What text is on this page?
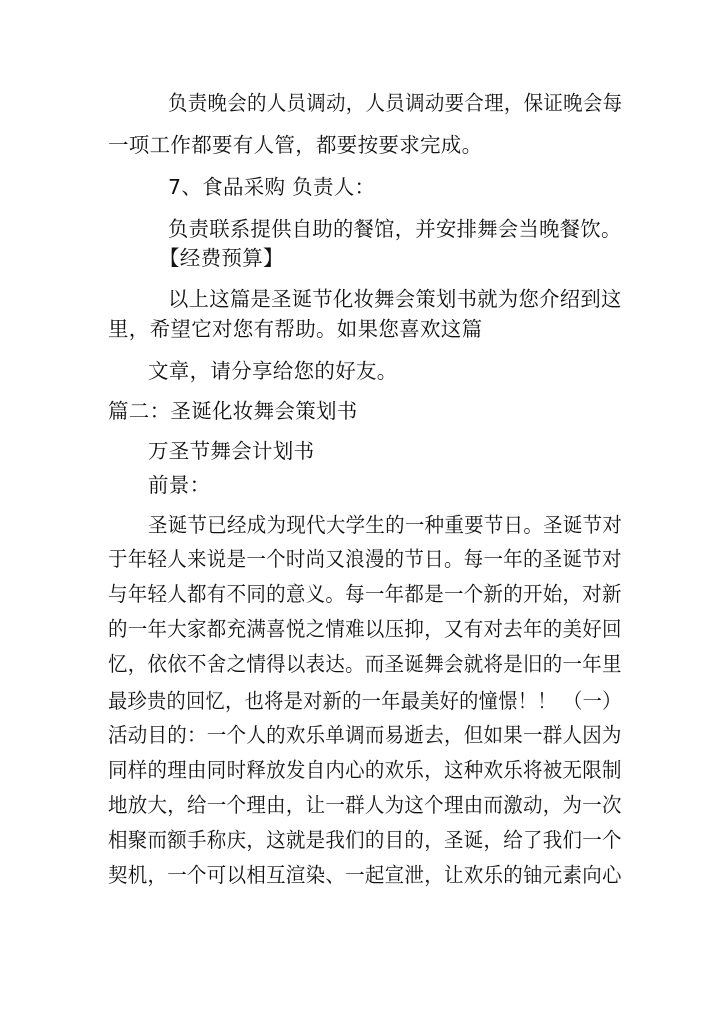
负责晚会的人员调动，人员调动要合理，保证晚会每
一项工作都要有人管，都要按要求完成。
7、食品采购 负责人：
负责联系提供自助的餐馆，并安排舞会当晚餐饮。
【经费预算】
以上这篇是圣诞节化妆舞会策划书就为您介绍到这
里，希望它对您有帮助。如果您喜欢这篇
文章，请分享给您的好友。
篇二：圣诞化妆舞会策划书
万圣节舞会计划书
前景：
圣诞节已经成为现代大学生的一种重要节日。圣诞节对
于年轻人来说是一个时尚又浪漫的节日。每一年的圣诞节对
与年轻人都有不同的意义。每一年都是一个新的开始，对新
的一年大家都充满喜悦之情难以压抑，又有对去年的美好回
忆，依依不舍之情得以表达。而圣诞舞会就将是旧的一年里
最珍贵的回忆，也将是对新的一年最美好的憧憬！！ （一）
活动目的：一个人的欢乐单调而易逝去，但如果一群人因为
同样的理由同时释放发自内心的欢乐，这种欢乐将被无限制
地放大，给一个理由，让一群人为这个理由而激动，为一次
相聚而额手称庆，这就是我们的目的，圣诞，给了我们一个
契机，一个可以相互渲染、一起宣泄，让欢乐的铀元素向心
